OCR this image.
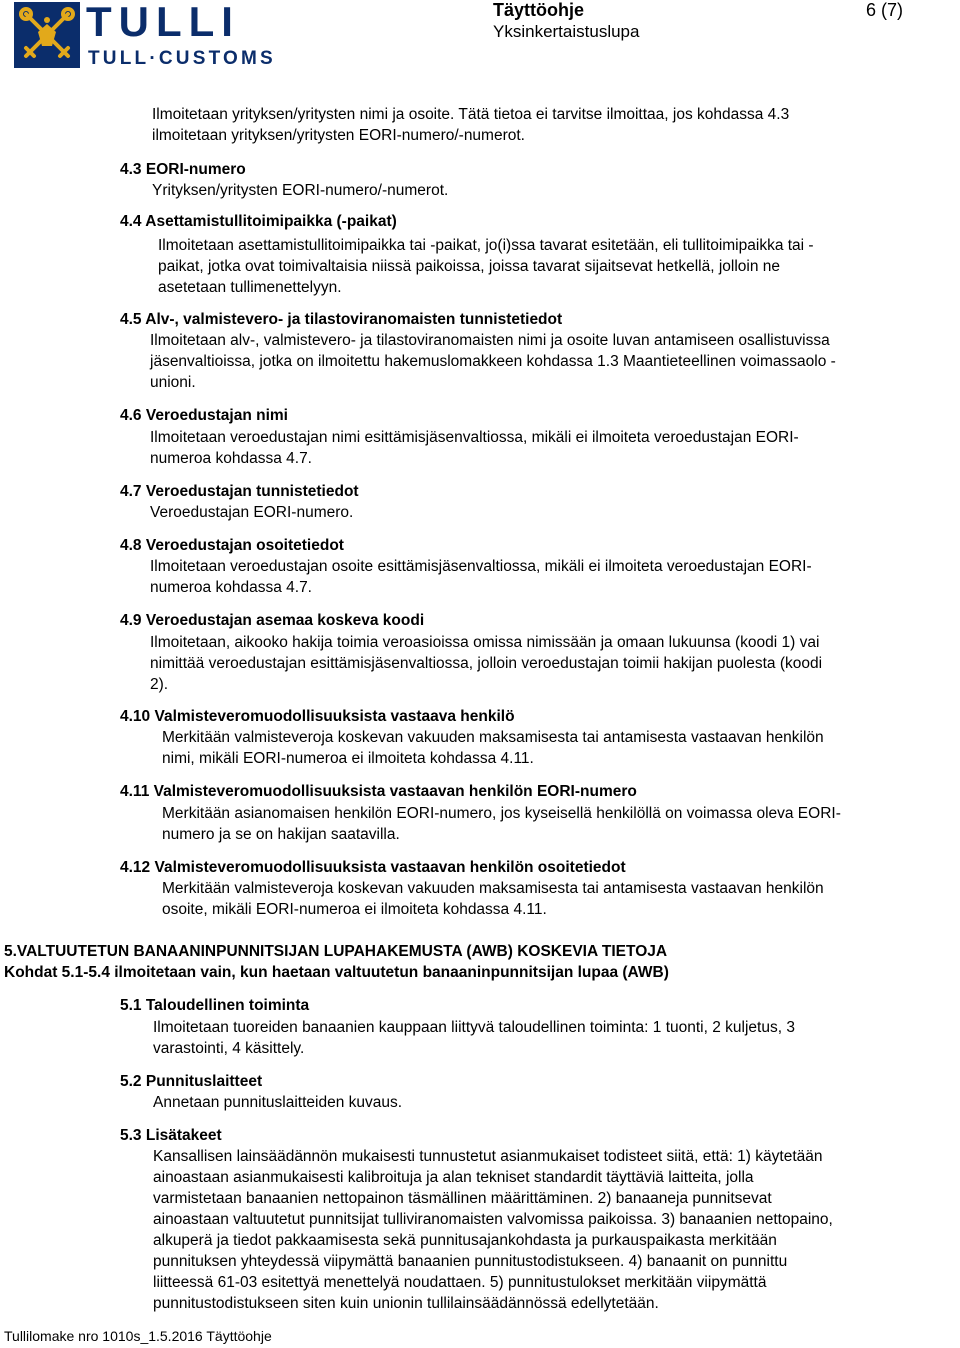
TULLI
TULL·CUSTOMS
Täyttöohje
Yksinkertaistuslupa
6 (7)
Ilmoitetaan yrityksen/yritysten nimi ja osoite. Tätä tietoa ei tarvitse ilmoittaa, jos kohdassa 4.3
ilmoitetaan yrityksen/yritysten EORI-numero/-numerot.
4.3 EORI-numero
Yrityksen/yritysten EORI-numero/-numerot.
4.4 Asettamistullitoimipaikka (-paikat)
Ilmoitetaan asettamistullitoimipaikka tai -paikat, jo(i)ssa tavarat esitetään, eli tullitoimipaikka tai -
paikat, jotka ovat toimivaltaisia niissä paikoissa, joissa tavarat sijaitsevat hetkellä, jolloin ne
asetetaan tullimenettelyyn.
4.5 Alv-, valmistevero- ja tilastoviranomaisten tunnistetiedot
Ilmoitetaan alv-, valmistevero- ja tilastoviranomaisten nimi ja osoite luvan antamiseen osallistuvissa
jäsenvaltioissa, jotka on ilmoitettu hakemuslomakkeen kohdassa 1.3 Maantieteellinen voimassaolo -
unioni.
4.6 Veroedustajan nimi
Ilmoitetaan veroedustajan nimi esittämisjäsenvaltiossa, mikäli ei ilmoiteta veroedustajan EORI-
numeroa kohdassa 4.7.
4.7 Veroedustajan tunnistetiedot
Veroedustajan EORI-numero.
4.8 Veroedustajan osoitetiedot
Ilmoitetaan veroedustajan osoite esittämisjäsenvaltiossa, mikäli ei ilmoiteta veroedustajan EORI-
numeroa kohdassa 4.7.
4.9 Veroedustajan asemaa koskeva koodi
Ilmoitetaan, aikooko hakija toimia veroasioissa omissa nimissään ja omaan lukuunsa (koodi 1) vai
nimittää veroedustajan esittämisjäsenvaltiossa, jolloin veroedustajan toimii hakijan puolesta (koodi
2).
4.10 Valmisteveromuodollisuuksista vastaava henkilö
Merkitään valmisteveroja koskevan vakuuden maksamisesta tai antamisesta vastaavan henkilön
nimi, mikäli EORI-numeroa ei ilmoiteta kohdassa 4.11.
4.11 Valmisteveromuodollisuuksista vastaavan henkilön EORI-numero
Merkitään asianomaisen henkilön EORI-numero, jos kyseisellä henkilöllä on voimassa oleva EORI-
numero ja se on hakijan saatavilla.
4.12 Valmisteveromuodollisuuksista vastaavan henkilön osoitetiedot
Merkitään valmisteveroja koskevan vakuuden maksamisesta tai antamisesta vastaavan henkilön
osoite, mikäli EORI-numeroa ei ilmoiteta kohdassa 4.11.
5.VALTUUTETUN BANAANINPUNNITSIJAN LUPAHAKEMUSTA (AWB) KOSKEVIA TIETOJA
Kohdat 5.1-5.4 ilmoitetaan vain, kun haetaan valtuutetun banaaninpunnitsijan lupaa (AWB)
5.1 Taloudellinen toiminta
Ilmoitetaan tuoreiden banaanien kauppaan liittyvä taloudellinen toiminta: 1 tuonti, 2 kuljetus, 3
varastointi, 4 käsittely.
5.2 Punnituslaitteet
Annetaan punnituslaitteiden kuvaus.
5.3 Lisätakeet
Kansallisen lainsäädännön mukaisesti tunnustetut asianmukaiset todisteet siitä, että: 1) käytetään
ainoastaan asianmukaisesti kalibroituja ja alan tekniset standardit täyttäviä laitteita, jolla
varmistetaan banaanien nettopainon täsmällinen määrittäminen. 2) banaaneja punnitsevat
ainoastaan valtuutetut punnitsijat tulliviranomaisten valvomissa paikoissa. 3) banaanien nettopaino,
alkuperä ja tiedot pakkaamisesta sekä punnitusajankohdasta ja purkauspaikasta merkitään
punnituksen yhteydessä viipymättä banaanien punnitustodistukseen. 4) banaanit on punnittu
liitteessä 61-03 esitettyä menettelyä noudattaen. 5) punnitustulokset merkitään viipymättä
punnitustodistukseen siten kuin unionin tullilainsäädännössä edellytetään.
Tullilomake nro 1010s_1.5.2016 Täyttöohje
